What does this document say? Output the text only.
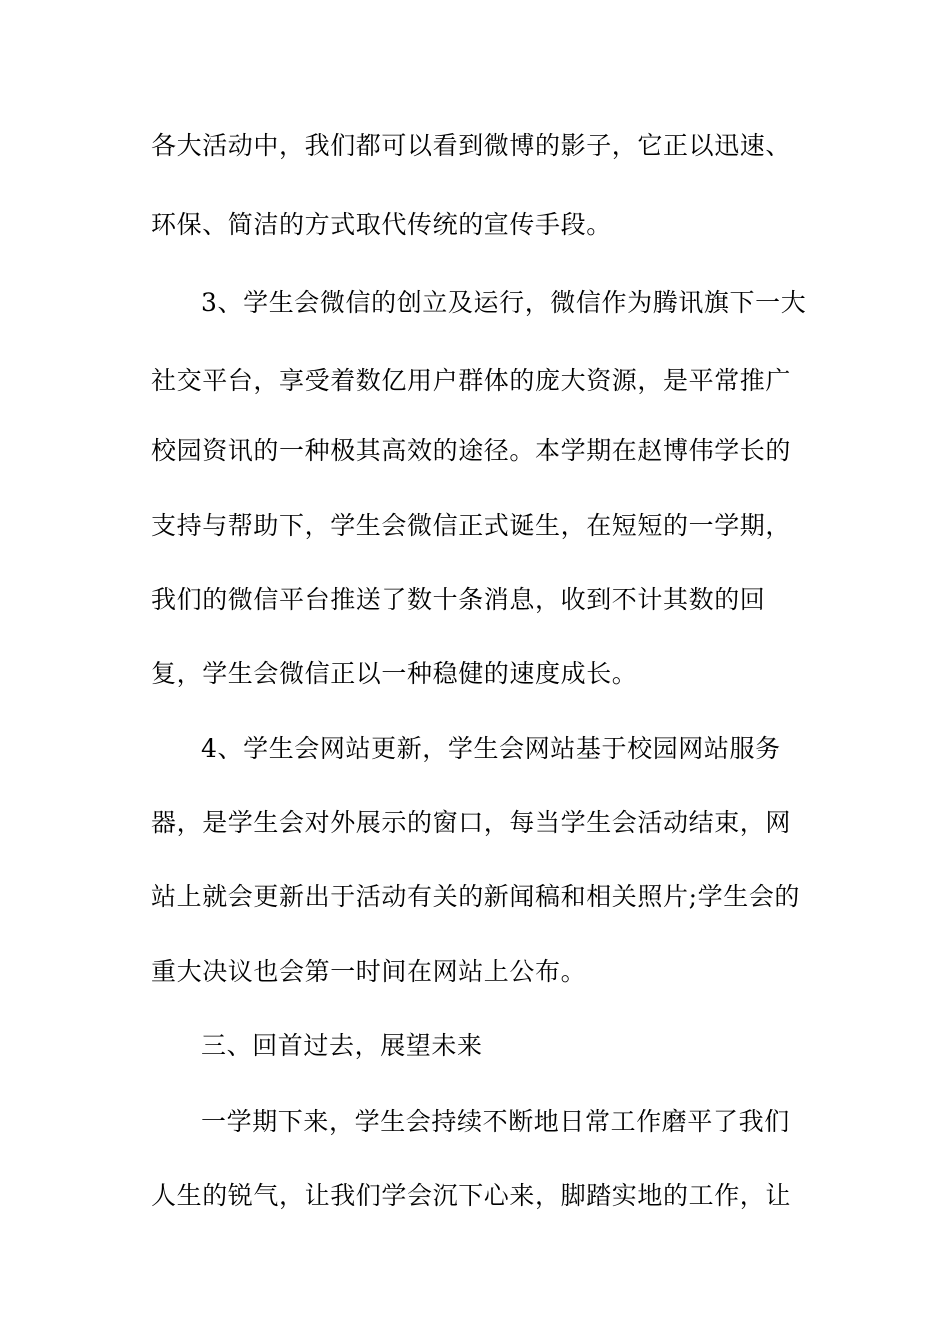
各大活动中，我们都可以看到微博的影子，它正以迅速、
环保、简洁的方式取代传统的宣传手段。
3、学生会微信的创立及运行，微信作为腾讯旗下一大
社交平台，享受着数亿用户群体的庞大资源，是平常推广
校园资讯的一种极其高效的途径。本学期在赵博伟学长的
支持与帮助下，学生会微信正式诞生，在短短的一学期，
我们的微信平台推送了数十条消息，收到不计其数的回
复，学生会微信正以一种稳健的速度成长。
4、学生会网站更新，学生会网站基于校园网站服务
器，是学生会对外展示的窗口，每当学生会活动结束，网
站上就会更新出于活动有关的新闻稿和相关照片;学生会的
重大决议也会第一时间在网站上公布。
三、回首过去，展望未来
一学期下来，学生会持续不断地日常工作磨平了我们
人生的锐气，让我们学会沉下心来，脚踏实地的工作，让
